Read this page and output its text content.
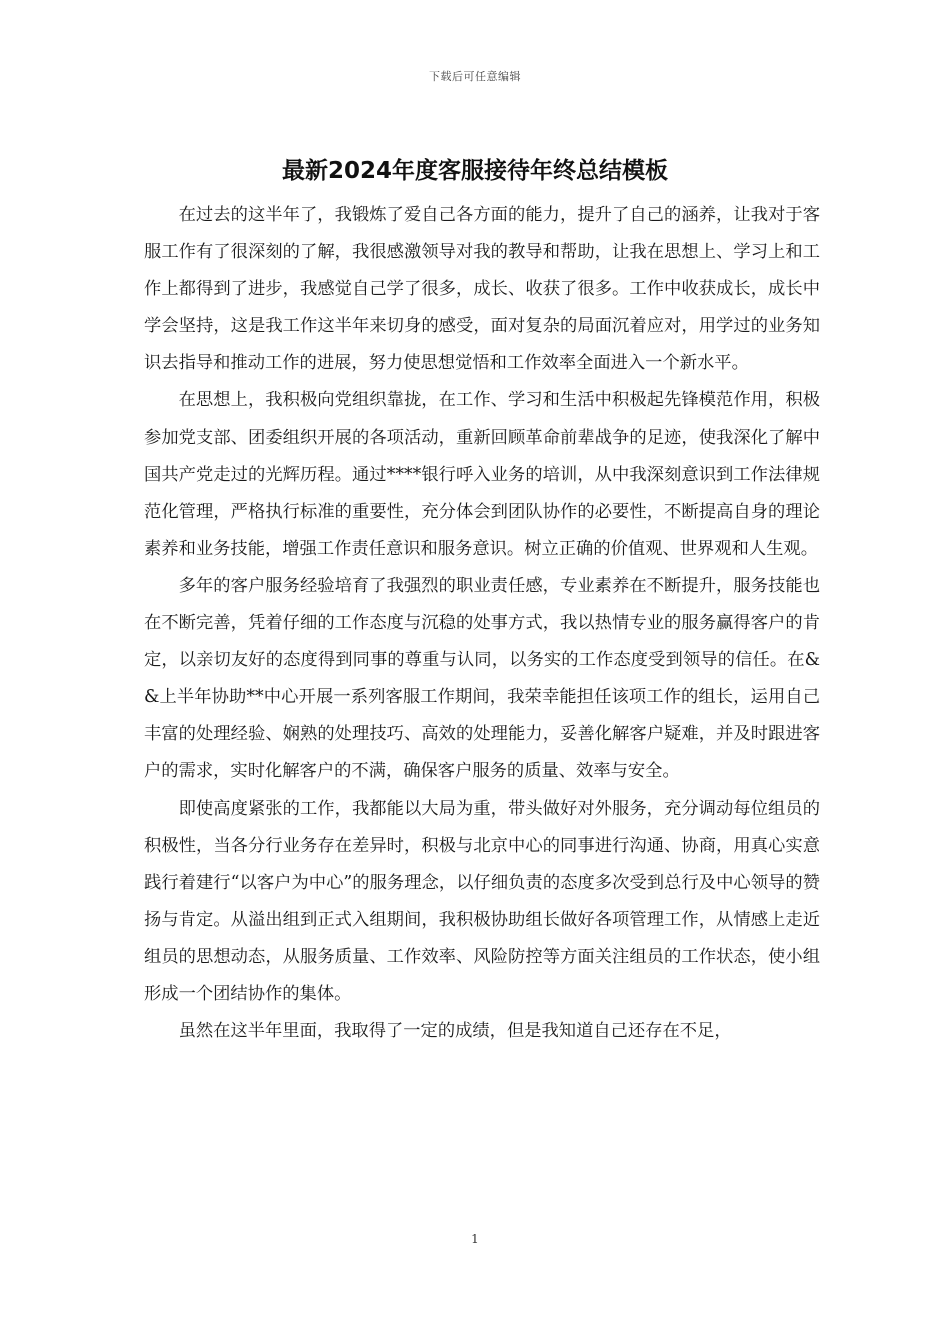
下载后可任意编辑
最新2024年度客服接待年终总结模板

在过去的这半年了，我锻炼了爱自己各方面的能力，提升了自己的涵养，让我对于客服工作有了很深刻的了解，我很感激领导对我的教导和帮助，让我在思想上、学习上和工作上都得到了进步，我感觉自己学了很多，成长、收获了很多。工作中收获成长，成长中学会坚持，这是我工作这半年来切身的感受，面对复杂的局面沉着应对，用学过的业务知识去指导和推动工作的进展，努力使思想觉悟和工作效率全面进入一个新水平。

在思想上，我积极向党组织靠拢，在工作、学习和生活中积极起先锋模范作用，积极参加党支部、团委组织开展的各项活动，重新回顾革命前辈战争的足迹，使我深化了解中国共产党走过的光辉历程。通过****银行呼入业务的培训，从中我深刻意识到工作法律规范化管理，严格执行标准的重要性，充分体会到团队协作的必要性，不断提高自身的理论素养和业务技能，增强工作责任意识和服务意识。树立正确的价值观、世界观和人生观。

多年的客户服务经验培育了我强烈的职业责任感，专业素养在不断提升，服务技能也在不断完善，凭着仔细的工作态度与沉稳的处事方式，我以热情专业的服务赢得客户的肯定，以亲切友好的态度得到同事的尊重与认同，以务实的工作态度受到领导的信任。在&&上半年协助**中心开展一系列客服工作期间，我荣幸能担任该项工作的组长，运用自己丰富的处理经验、娴熟的处理技巧、高效的处理能力，妥善化解客户疑难，并及时跟进客户的需求，实时化解客户的不满，确保客户服务的质量、效率与安全。

即使高度紧张的工作，我都能以大局为重，带头做好对外服务，充分调动每位组员的积极性，当各分行业务存在差异时，积极与北京中心的同事进行沟通、协商，用真心实意践行着建行“以客户为中心”的服务理念，以仔细负责的态度多次受到总行及中心领导的赞扬与肯定。从溢出组到正式入组期间，我积极协助组长做好各项管理工作，从情感上走近组员的思想动态，从服务质量、工作效率、风险防控等方面关注组员的工作状态，使小组形成一个团结协作的集体。

虽然在这半年里面，我取得了一定的成绩，但是我知道自己还存在不足，

1
